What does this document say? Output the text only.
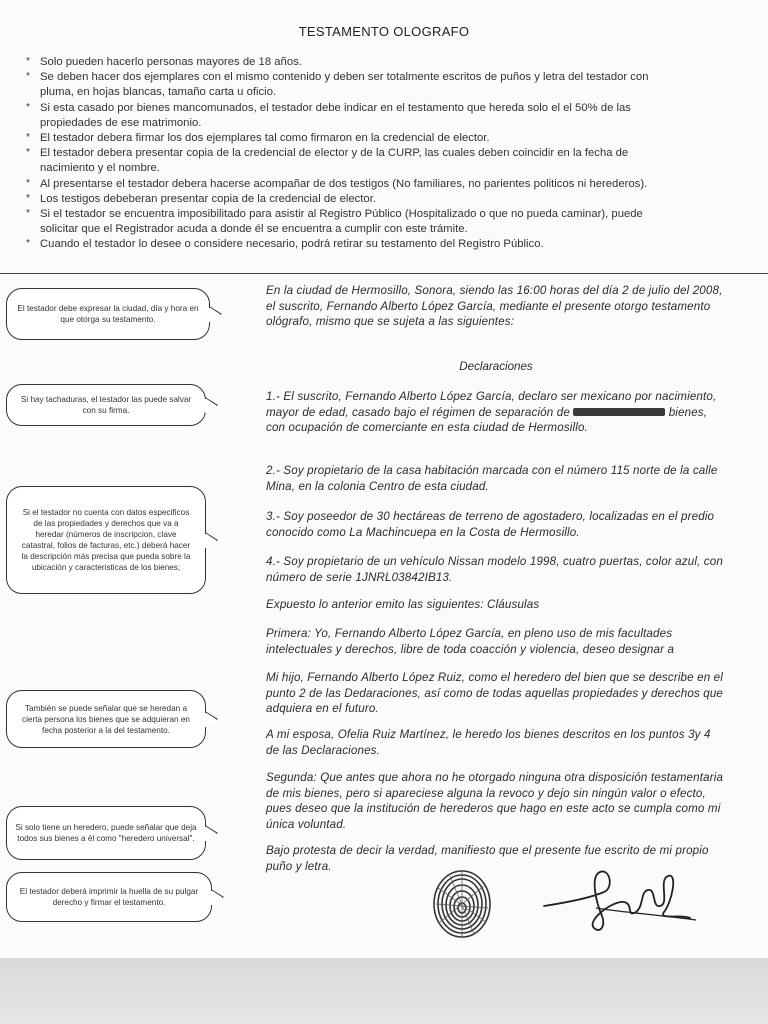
TESTAMENTO OLOGRAFO
* Solo pueden hacerlo personas mayores de 18 años.
* Se deben hacer dos ejemplares con el mismo contenido y deben ser totalmente escritos de puños y letra del testador con pluma, en hojas blancas, tamaño carta u oficio.
* Si esta casado por bienes mancomunados, el testador debe indicar en el testamento que hereda solo el el 50% de las propiedades de ese matrimonio.
* El testador debera firmar los dos ejemplares tal como firmaron en la credencial de elector.
* El testador debera presentar copia de la credencial de elector y de la CURP, las cuales deben coincidir en la fecha de nacimiento y el nombre.
* Al presentarse el testador debera hacerse acompañar de dos testigos (No familiares, no parientes politicos ni herederos).
* Los testigos debeberan presentar copia de la credencial de elector.
* Si el testador se encuentra imposibilitado para asistir al Registro Público (Hospitalizado o que no pueda caminar), puede solicitar que el Registrador acuda a donde él se encuentra a cumplir con este trámite.
* Cuando el testador lo desee o considere necesario, podrá retirar su testamento del Registro Público.
El testador debe expresar la ciudad, día y hora en que otorga su testamento.
Si hay tachaduras, el testador las puede salvar con su firma.
Si el testador no cuenta con datos especificos de las propiedades y derechos que va a heredar (números de inscripcion, clave catastral, folios de facturas, etc.) deberá hacer la descripción más precisa que pueda sobre la ubicación y caracteristicas de los bienes;
También se puede señalar que se heredan a cierta persona los bienes que se adquieran en fecha posterior a la del testamento.
Si solo tiene un heredero, puede señalar que deja todos sus bienes a él como "heredero universal".
El testador deberá imprimir la huella de su pulgar derecho y firmar el testamento.
En la ciudad de Hermosillo, Sonora, siendo las 16:00 horas del día 2 de julio del 2008, el suscrito, Fernando Alberto López García, mediante el presente otorgo testamento ológrafo, mismo que se sujeta a las siguientes:
Declaraciones
1.- El suscrito, Fernando Alberto López García, declaro ser mexicano por nacimiento, mayor de edad, casado bajo el régimen de separación de	bienes, con ocupación de comerciante en esta ciudad de Hermosillo.
2.- Soy propietario de la casa habitación marcada con el número 115 norte de la calle Mina, en la colonia Centro de esta ciudad.
3.- Soy poseedor de 30 hectáreas de terreno de agostadero, localizadas en el predio conocido como La Machincuepa en la Costa de Hermosillo.
4.- Soy propietario de un vehículo Nissan modelo 1998, cuatro puertas, color azul, con número de serie 1JNRL03842IB13.
Expuesto lo anterior emito las siguientes: Cláusulas
Primera: Yo, Fernando Alberto López García, en pleno uso de mis facultades intelectuales y derechos, libre de toda coacción y violencia, deseo designar a
Mi hijo, Fernando Alberto López Ruiz, como el heredero del bien que se describe en el punto 2 de las Dedaraciones, así como de todas aquellas propiedades y derechos que adquiera en el futuro.
A mi esposa, Ofelia Ruiz Martínez, le heredo los bienes descritos en los puntos 3y 4 de las Declaraciones.
Segunda: Que antes que ahora no he otorgado ninguna otra disposición testamentaria de mis bienes, pero si apareciese alguna la revoco y dejo sin ningún valor o efecto, pues deseo que la institución de herederos que hago en este acto se cumpla como mi única voluntad.
Bajo protesta de decir la verdad, manifiesto que el presente fue escrito de mi propio puño y letra.
